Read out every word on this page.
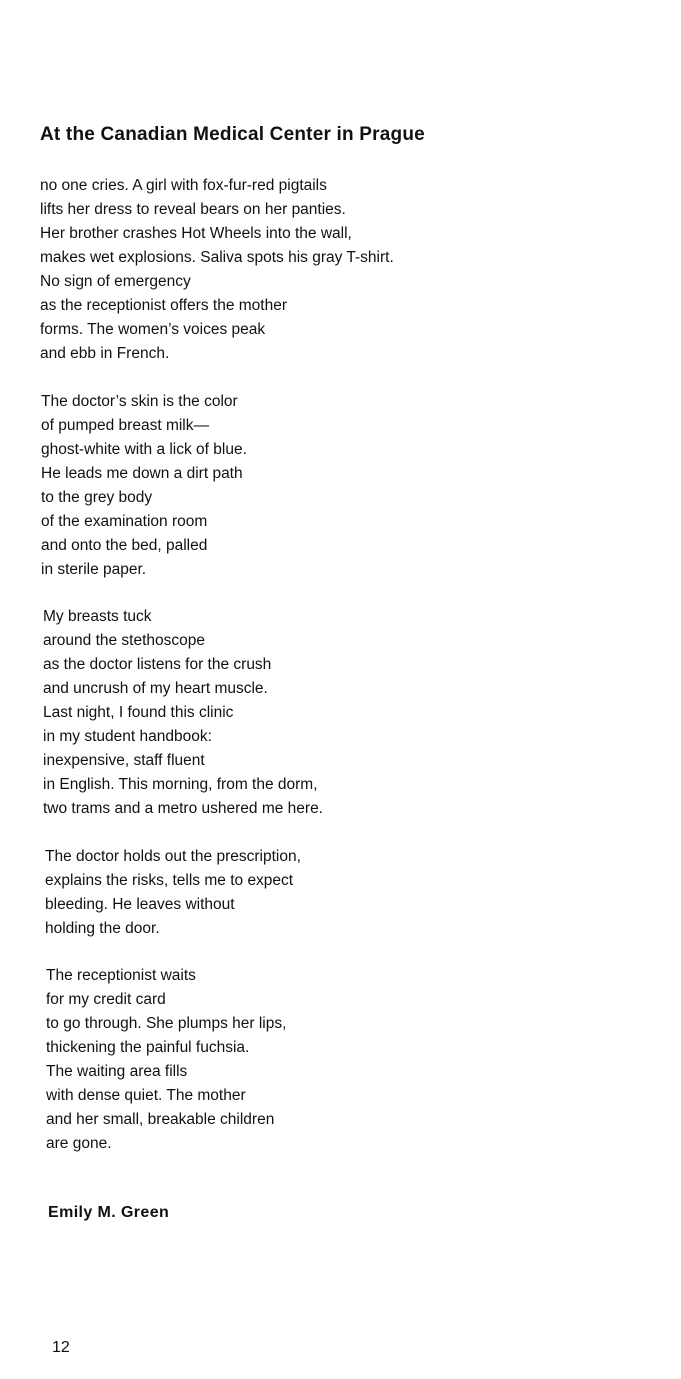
At the Canadian Medical Center in Prague
no one cries. A girl with fox-fur-red pigtails
lifts her dress to reveal bears on her panties.
Her brother crashes Hot Wheels into the wall,
makes wet explosions. Saliva spots his gray T-shirt.
No sign of emergency
as the receptionist offers the mother
forms. The women’s voices peak
and ebb in French.
The doctor’s skin is the color
of pumped breast milk—
ghost-white with a lick of blue.
He leads me down a dirt path
to the grey body
of the examination room
and onto the bed, palled
in sterile paper.
My breasts tuck
around the stethoscope
as the doctor listens for the crush
and uncrush of my heart muscle.
Last night, I found this clinic
in my student handbook:
inexpensive, staff fluent
in English. This morning, from the dorm,
two trams and a metro ushered me here.
The doctor holds out the prescription,
explains the risks, tells me to expect
bleeding. He leaves without
holding the door.
The receptionist waits
for my credit card
to go through. She plumps her lips,
thickening the painful fuchsia.
The waiting area fills
with dense quiet. The mother
and her small, breakable children
are gone.

Emily M. Green

12
